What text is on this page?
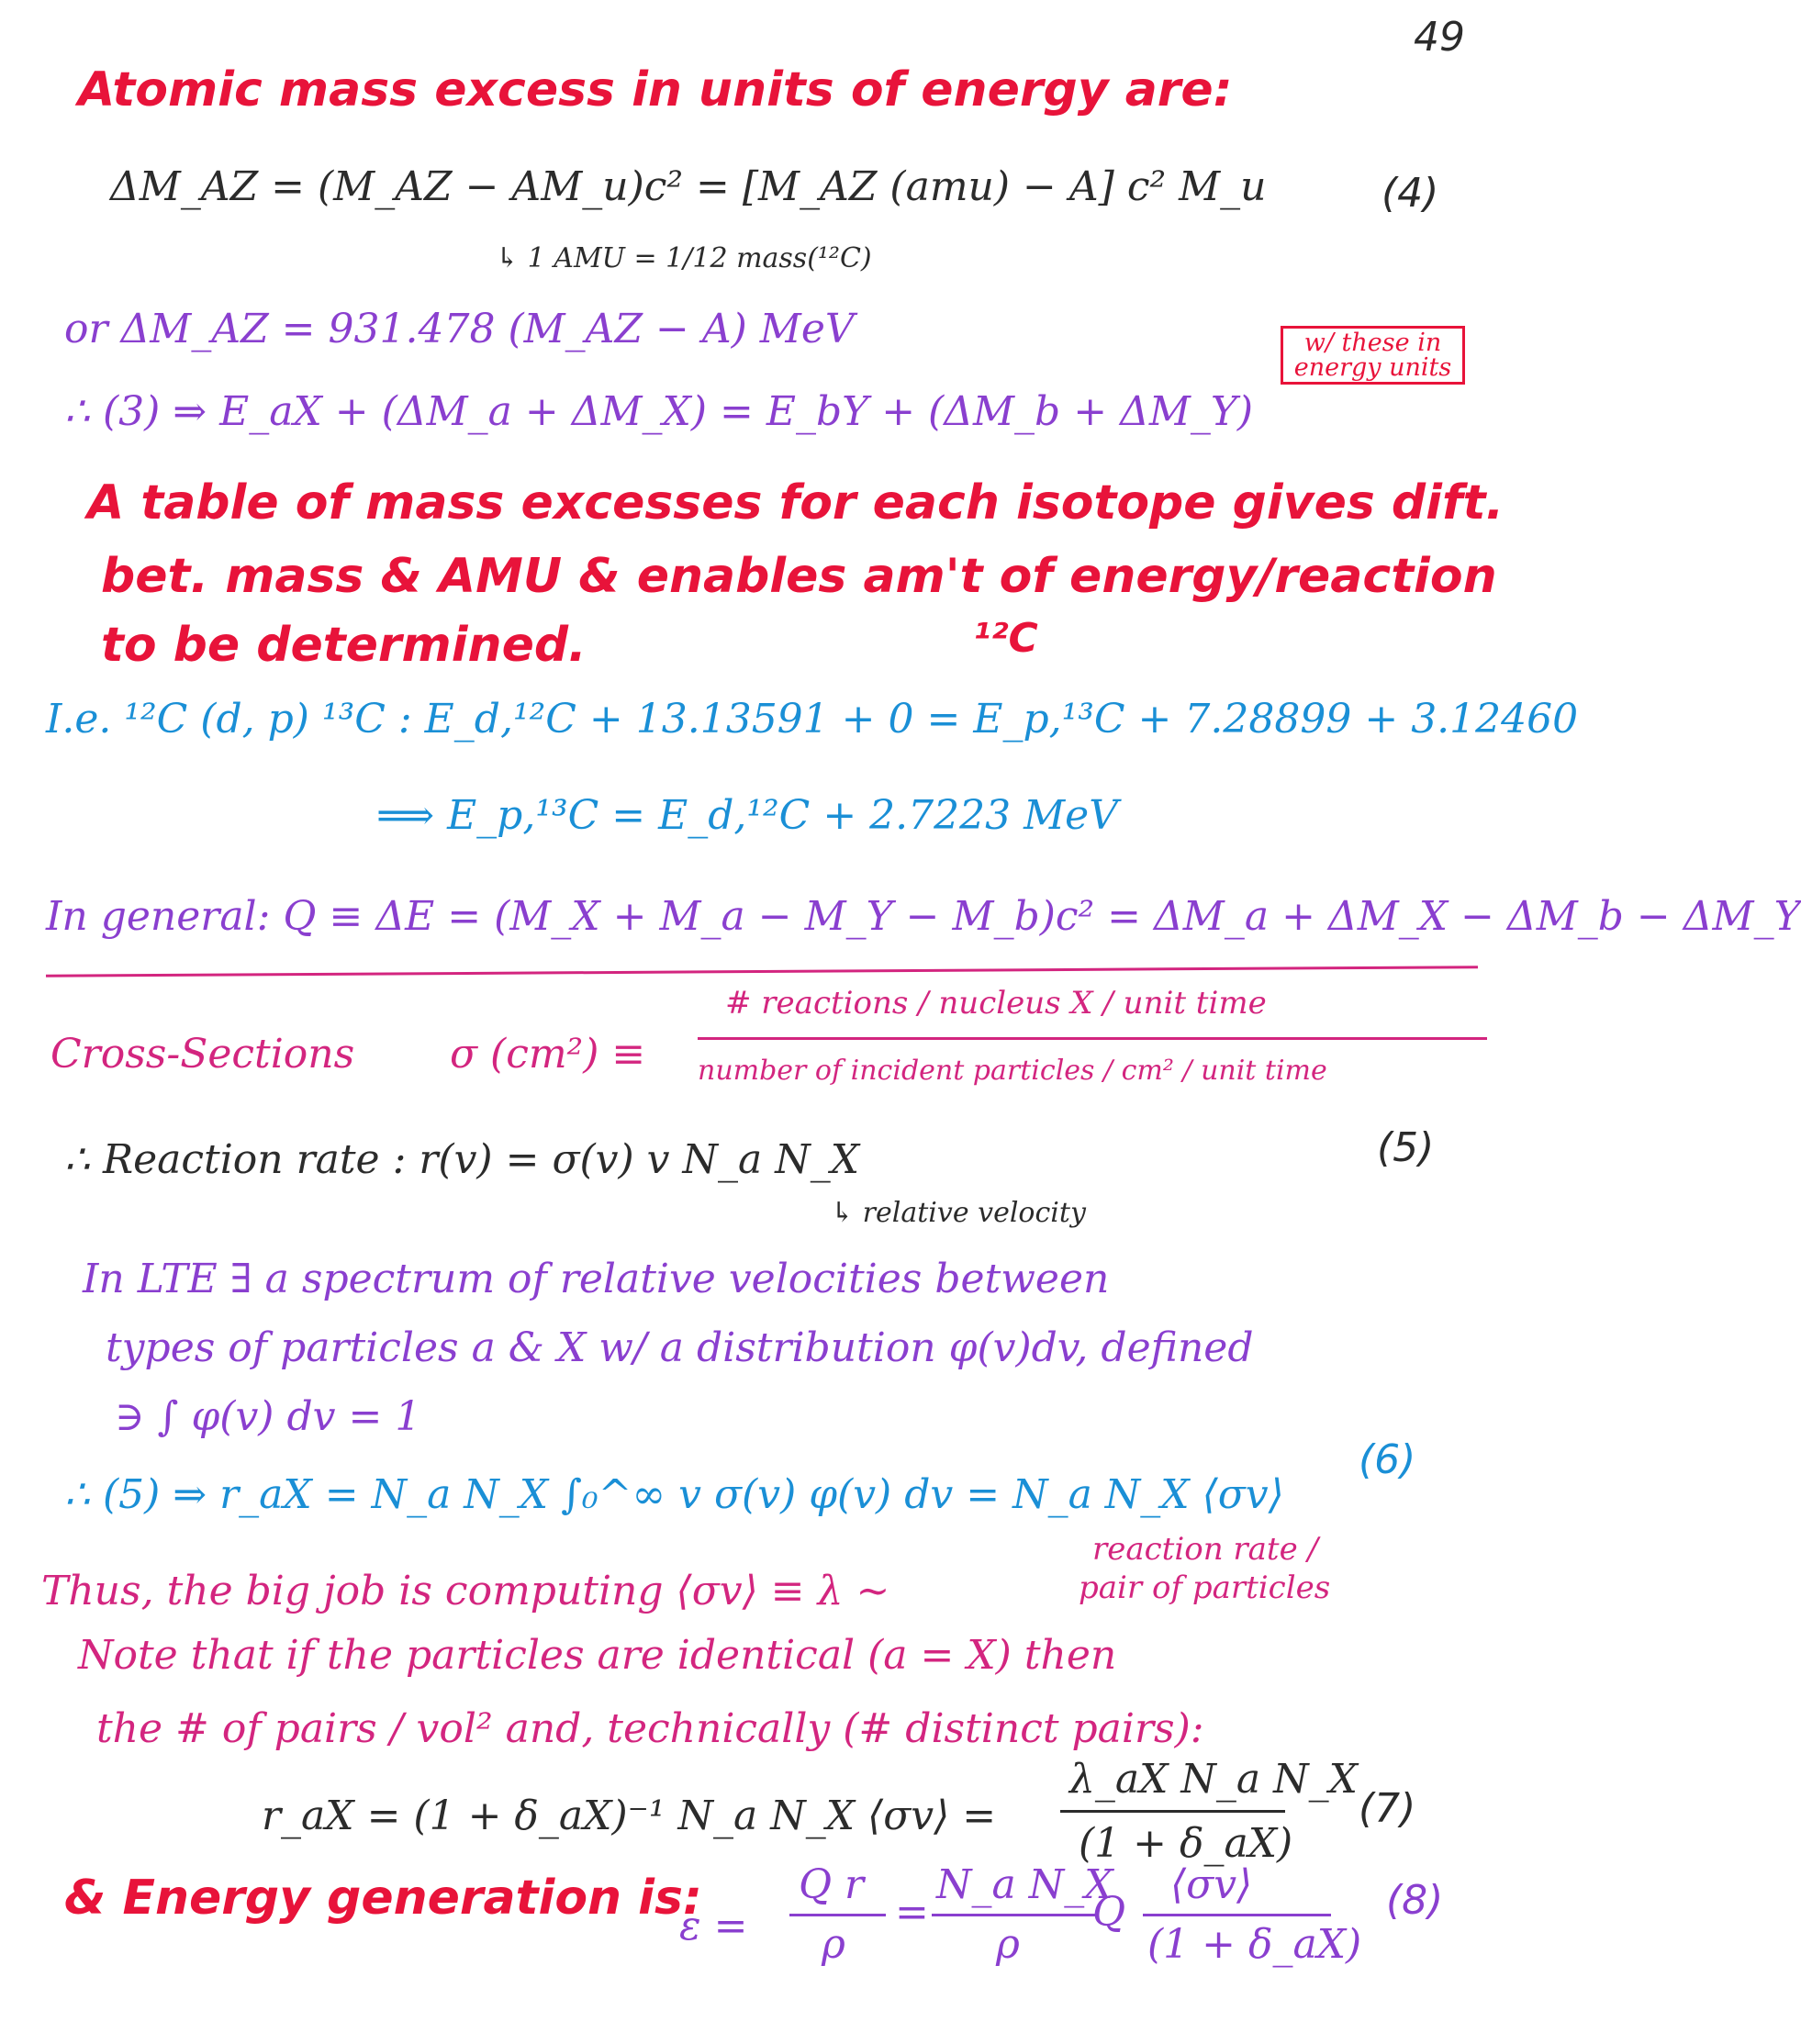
49
Atomic mass excess in units of energy are:
ΔM_AZ = (M_AZ − AM_u)c² = [M_AZ (amu) − A] c² M_u	(4)
↳ 1 AMU = 1/12 mass(¹²C)
or ΔM_AZ = 931.478 (M_AZ − A) MeV
∴ (3) ⇒ E_aX + (ΔM_a + ΔM_X) = E_bY + (ΔM_b + ΔM_Y)
w/ these in energy units
A table of mass excesses for each isotope gives dift.
bet. mass & AMU & enables am't of energy/reaction
to be determined.	¹²C
I.e. ¹²C (d, p) ¹³C : E_d,¹²C + 13.13591 + 0 = E_p,¹³C + 7.28899 + 3.12460
⟹ E_p,¹³C = E_d,¹²C + 2.7223 MeV
In general: Q ≡ ΔE = (M_X + M_a − M_Y − M_b)c² = ΔM_a + ΔM_X − ΔM_b − ΔM_Y
Cross-Sections σ (cm²) ≡
# reactions / nucleus X / unit time
number of incident particles / cm² / unit time
∴ Reaction rate : r(v) = σ(v) v N_a N_X	(5)
↳ relative velocity
In LTE ∃ a spectrum of relative velocities between
types of particles a & X w/ a distribution φ(v)dv, defined
∋ ∫ φ(v) dv = 1
∴ (5) ⇒ r_aX = N_a N_X ∫₀^∞ v σ(v) φ(v) dv = N_a N_X ⟨σv⟩
(6)
Thus, the big job is computing ⟨σv⟩ ≡ λ ~
reaction rate /
pair of particles
Note that if the particles are identical (a = X) then
the # of pairs / vol² and, technically (# distinct pairs):
r_aX = (1 + δ_aX)⁻¹ N_a N_X ⟨σv⟩ =
λ_aX N_a N_X
(1 + δ_aX)
(7)
& Energy generation is:
ε =
Q r
ρ
=
N_a N_X
ρ
Q
⟨σv⟩
(1 + δ_aX)
(8)
